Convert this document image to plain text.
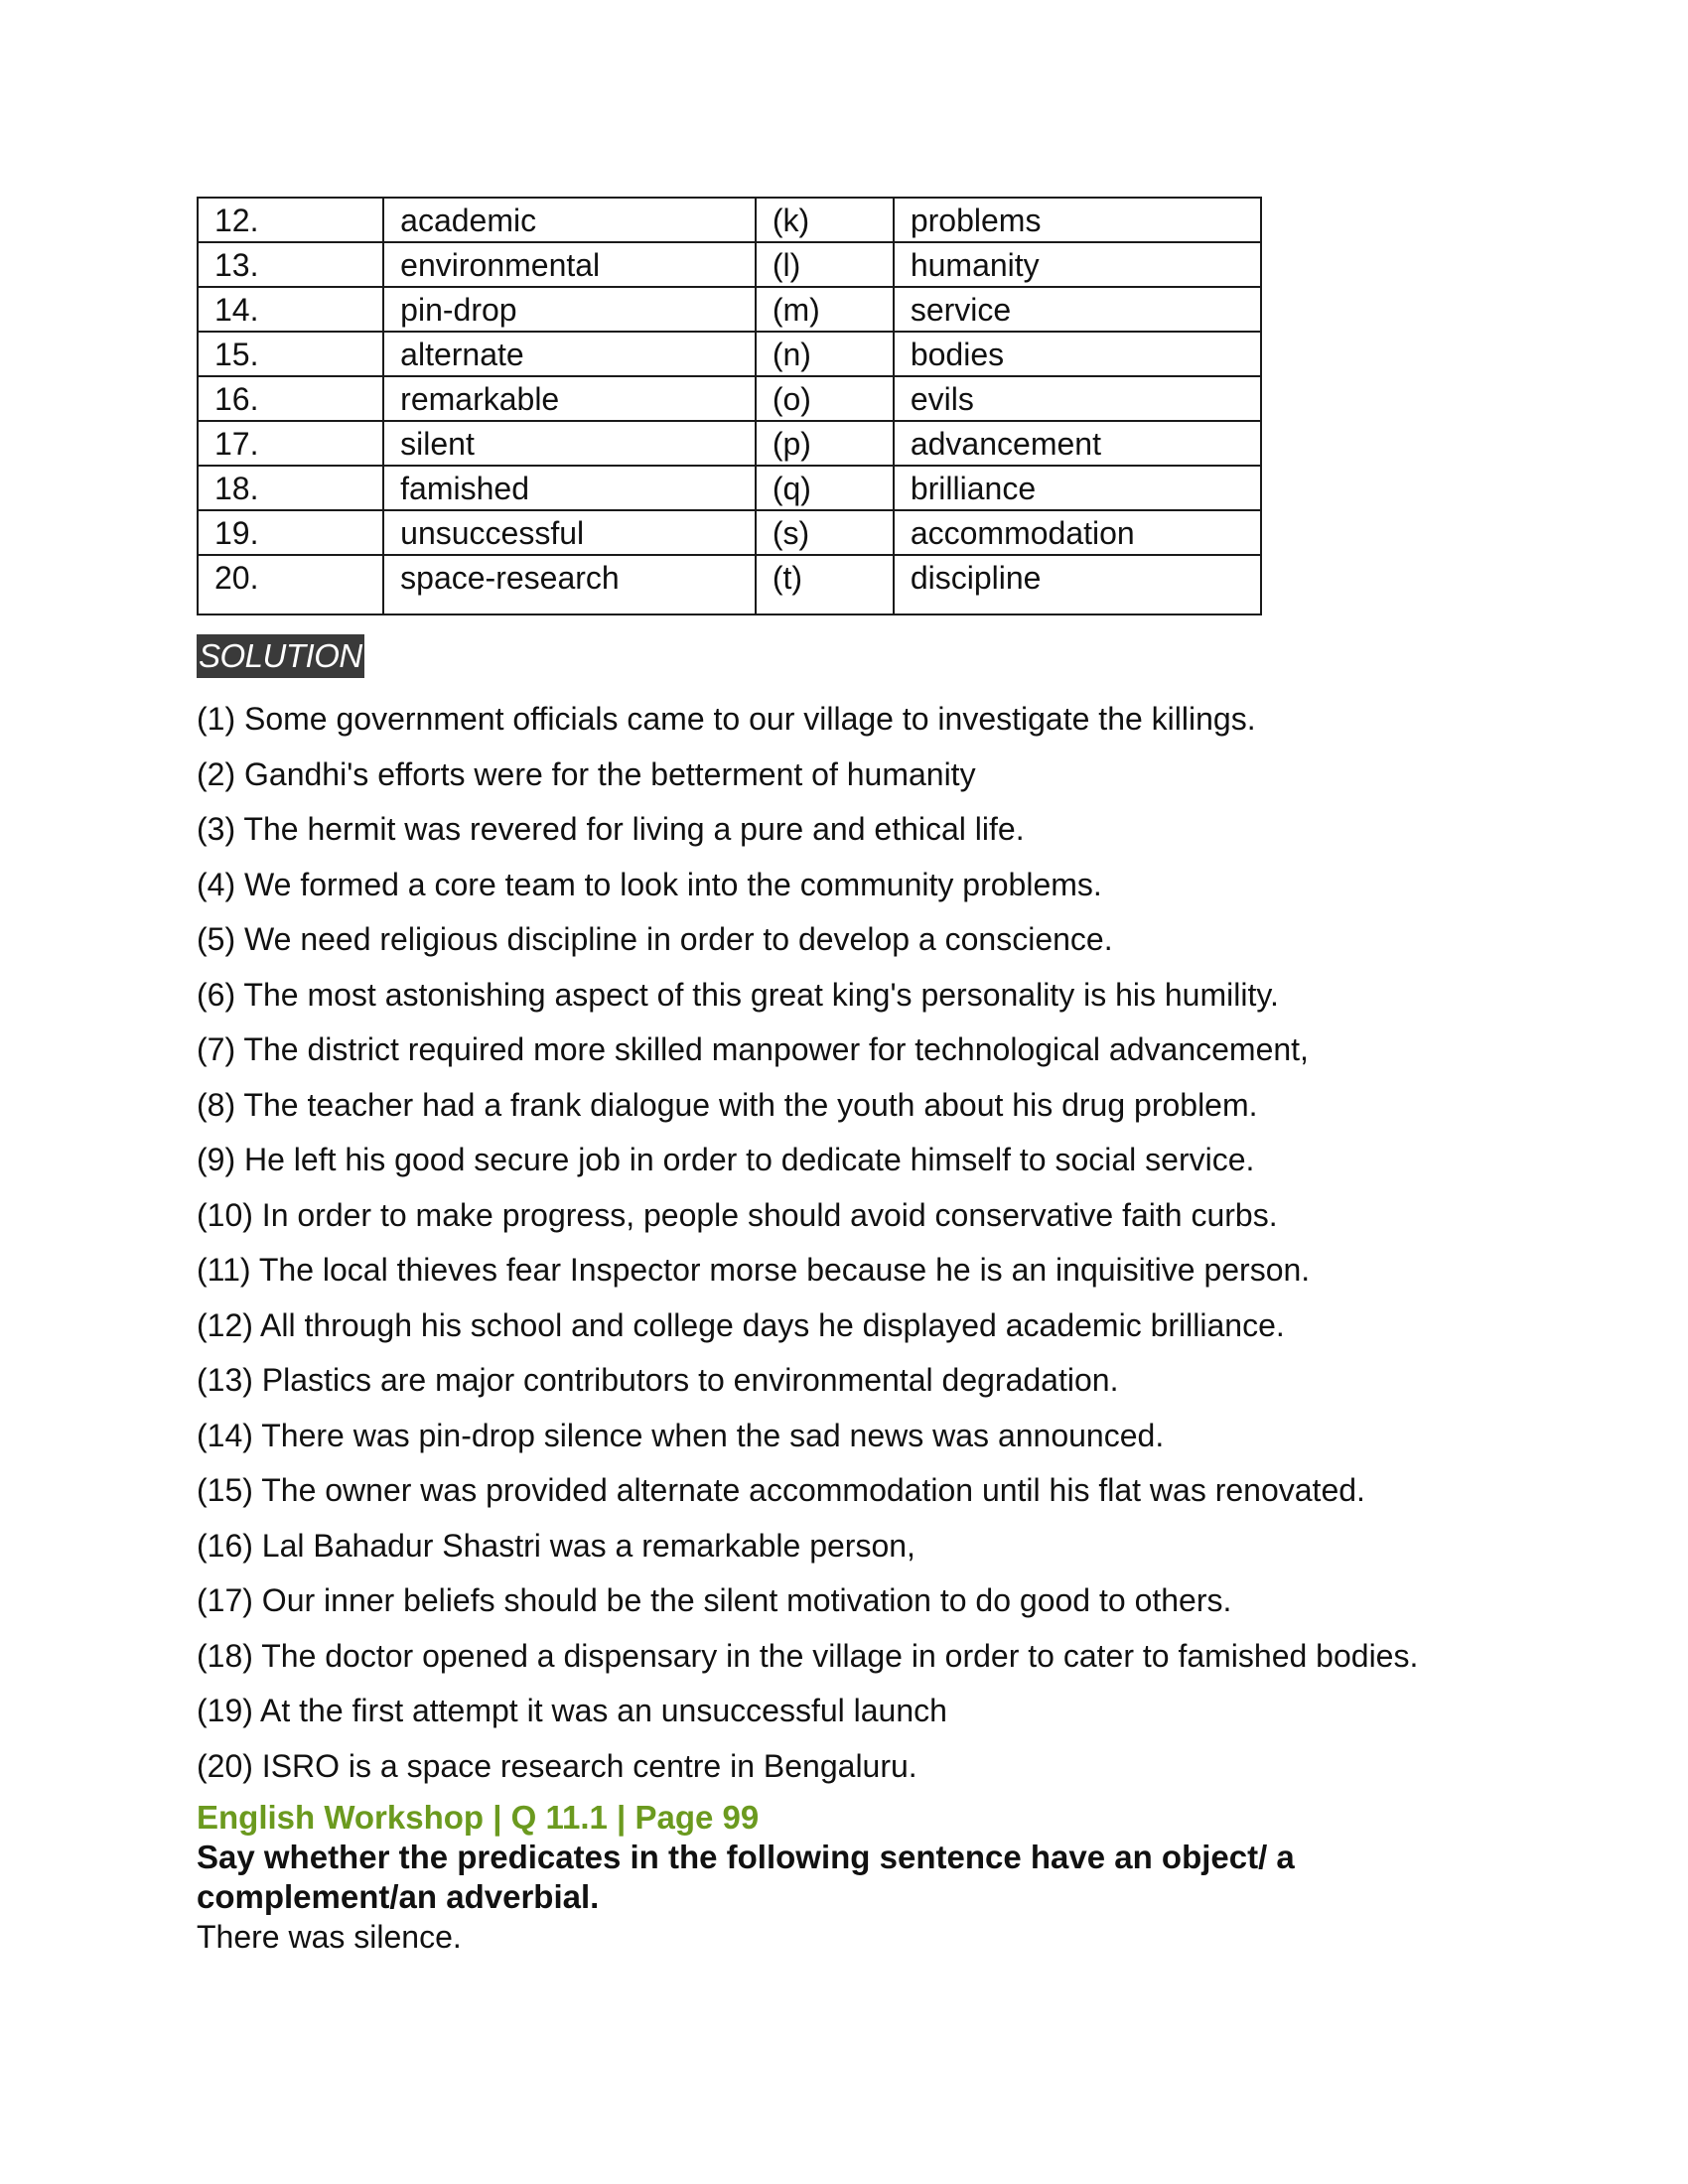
12.	academic	(k)	problems
13.	environmental	(l)	humanity
14.	pin-drop	(m)	service
15.	alternate	(n)	bodies
16.	remarkable	(o)	evils
17.	silent	(p)	advancement
18.	famished	(q)	brilliance
19.	unsuccessful	(s)	accommodation
20.	space-research	(t)	discipline
SOLUTION
(1) Some government officials came to our village to investigate the killings.
(2) Gandhi's efforts were for the betterment of humanity
(3) The hermit was revered for living a pure and ethical life.
(4) We formed a core team to look into the community problems.
(5) We need religious discipline in order to develop a conscience.
(6) The most astonishing aspect of this great king's personality is his humility.
(7) The district required more skilled manpower for technological advancement,
(8) The teacher had a frank dialogue with the youth about his drug problem.
(9) He left his good secure job in order to dedicate himself to social service.
(10) In order to make progress, people should avoid conservative faith curbs.
(11) The local thieves fear Inspector morse because he is an inquisitive person.
(12) All through his school and college days he displayed academic brilliance.
(13) Plastics are major contributors to environmental degradation.
(14) There was pin-drop silence when the sad news was announced.
(15) The owner was provided alternate accommodation until his flat was renovated.
(16) Lal Bahadur Shastri was a remarkable person,
(17) Our inner beliefs should be the silent motivation to do good to others.
(18) The doctor opened a dispensary in the village in order to cater to famished bodies.
(19) At the first attempt it was an unsuccessful launch
(20) ISRO is a space research centre in Bengaluru.
English Workshop | Q 11.1 | Page 99
Say whether the predicates in the following sentence have an object/ a complement/an adverbial.
There was silence.
